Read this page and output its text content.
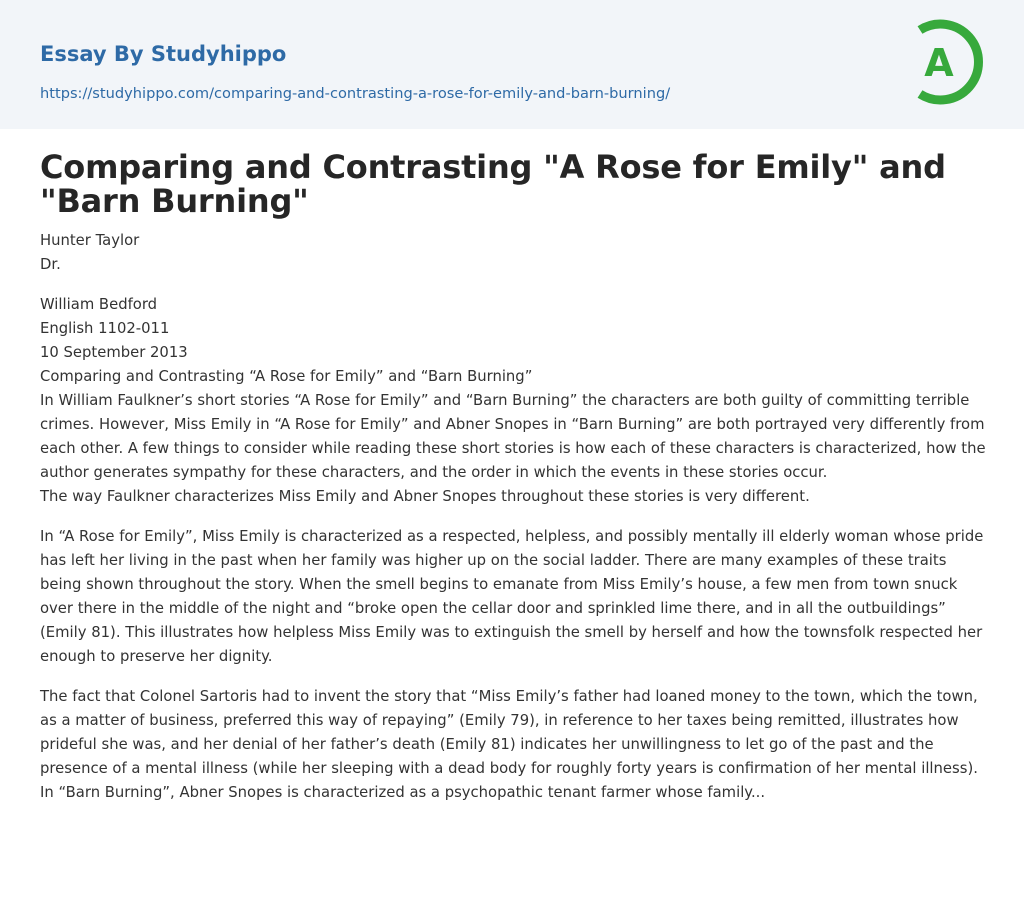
Essay By Studyhippo
https://studyhippo.com/comparing-and-contrasting-a-rose-for-emily-and-barn-burning/
A
Comparing and Contrasting "A Rose for Emily" and "Barn Burning"

Hunter Taylor

Dr.

William Bedford

English 1102-011

10 September 2013

Comparing and Contrasting “A Rose for Emily” and “Barn Burning”

In William Faulkner’s short stories “A Rose for Emily” and “Barn Burning” the characters are both guilty of committing terrible crimes. However, Miss Emily in “A Rose for Emily” and Abner Snopes in “Barn Burning” are both portrayed very differently from each other. A few things to consider while reading these short stories is how each of these characters is characterized, how the author generates sympathy for these characters, and the order in which the events in these stories occur.

The way Faulkner characterizes Miss Emily and Abner Snopes throughout these stories is very different.

In “A Rose for Emily”, Miss Emily is characterized as a respected, helpless, and possibly mentally ill elderly woman whose pride has left her living in the past when her family was higher up on the social ladder. There are many examples of these traits being shown throughout the story. When the smell begins to emanate from Miss Emily’s house, a few men from town snuck over there in the middle of the night and “broke open the cellar door and sprinkled lime there, and in all the outbuildings” (Emily 81). This illustrates how helpless Miss Emily was to extinguish the smell by herself and how the townsfolk respected her enough to preserve her dignity.

The fact that Colonel Sartoris had to invent the story that “Miss Emily’s father had loaned money to the town, which the town, as a matter of business, preferred this way of repaying” (Emily 79), in reference to her taxes being remitted, illustrates how prideful she was, and her denial of her father’s death (Emily 81) indicates her unwillingness to let go of the past and the presence of a mental illness (while her sleeping with a dead body for roughly forty years is confirmation of her mental illness).

In “Barn Burning”, Abner Snopes is characterized as a psychopathic tenant farmer whose family...
